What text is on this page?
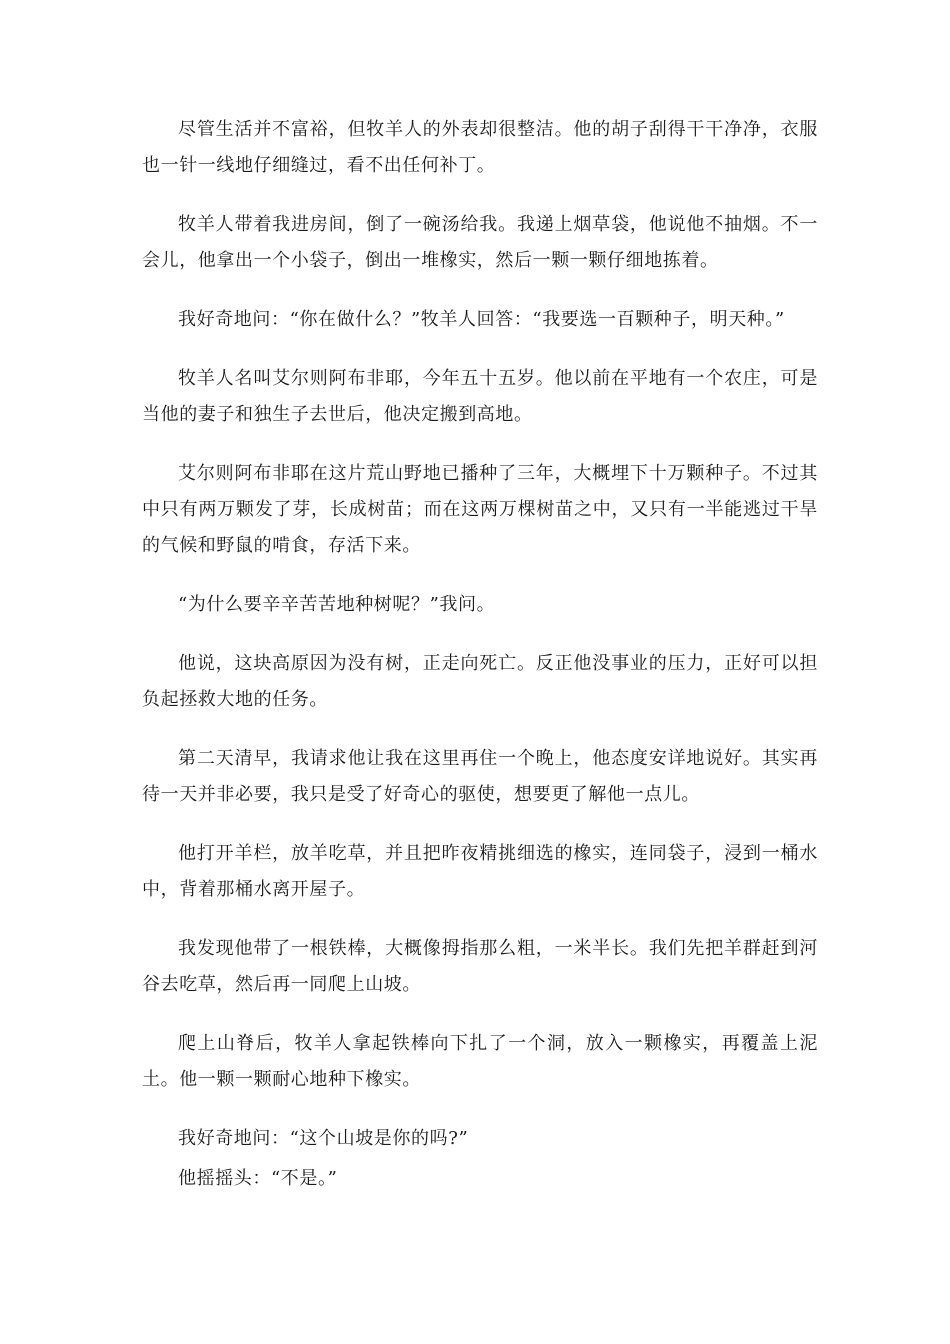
尽管生活并不富裕，但牧羊人的外表却很整洁。他的胡子刮得干干净净，衣服也一针一线地仔细缝过，看不出任何补丁。

牧羊人带着我进房间，倒了一碗汤给我。我递上烟草袋，他说他不抽烟。不一会儿，他拿出一个小袋子，倒出一堆橡实，然后一颗一颗仔细地拣着。

我好奇地问：“你在做什么？”牧羊人回答：“我要选一百颗种子，明天种。”

牧羊人名叫艾尔则阿布非耶，今年五十五岁。他以前在平地有一个农庄，可是当他的妻子和独生子去世后，他决定搬到高地。

艾尔则阿布非耶在这片荒山野地已播种了三年，大概埋下十万颗种子。不过其中只有两万颗发了芽，长成树苗；而在这两万棵树苗之中，又只有一半能逃过干旱的气候和野鼠的啃食，存活下来。

“为什么要辛辛苦苦地种树呢？”我问。

他说，这块高原因为没有树，正走向死亡。反正他没事业的压力，正好可以担负起拯救大地的任务。

第二天清早，我请求他让我在这里再住一个晚上，他态度安详地说好。其实再待一天并非必要，我只是受了好奇心的驱使，想要更了解他一点儿。

他打开羊栏，放羊吃草，并且把昨夜精挑细选的橡实，连同袋子，浸到一桶水中，背着那桶水离开屋子。

我发现他带了一根铁棒，大概像拇指那么粗，一米半长。我们先把羊群赶到河谷去吃草，然后再一同爬上山坡。

爬上山脊后，牧羊人拿起铁棒向下扎了一个洞，放入一颗橡实，再覆盖上泥土。他一颗一颗耐心地种下橡实。

我好奇地问：“这个山坡是你的吗?”

他摇摇头：“不是。”
